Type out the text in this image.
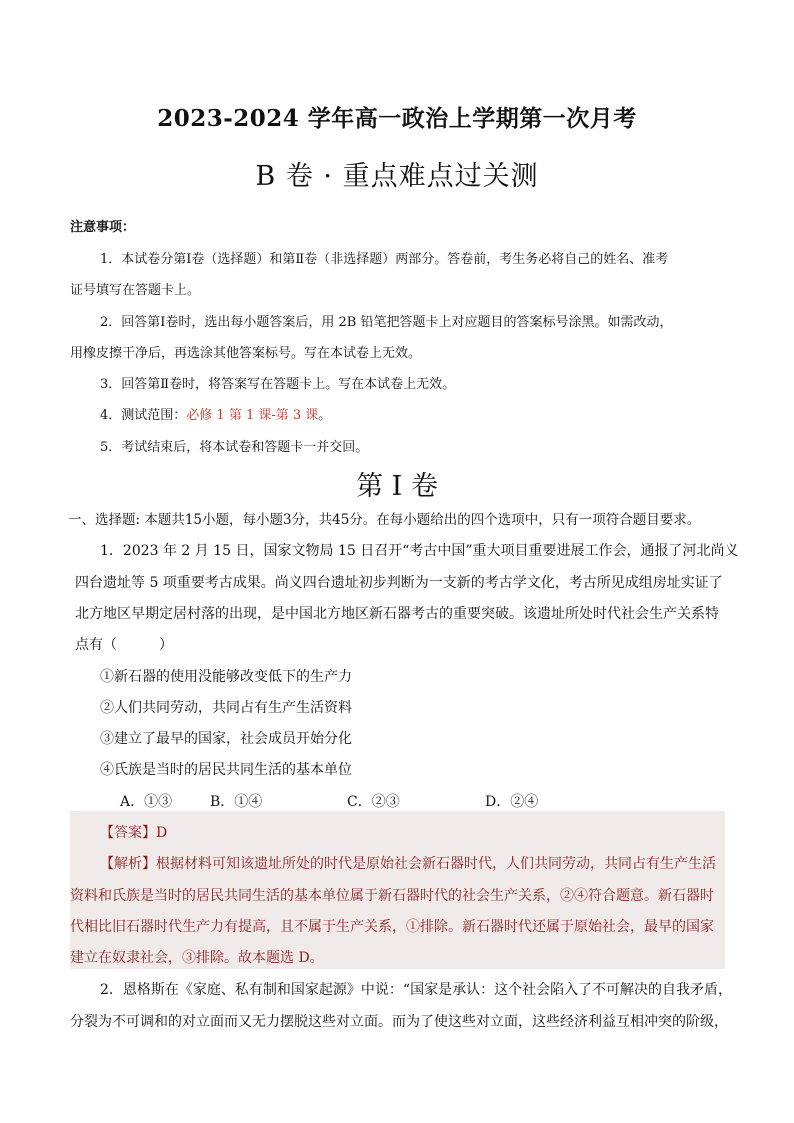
2023-2024 学年高一政治上学期第一次月考
B 卷 · 重点难点过关测
注意事项：
1．本试卷分第Ⅰ卷（选择题）和第Ⅱ卷（非选择题）两部分。答卷前，考生务必将自己的姓名、准考
证号填写在答题卡上。
2．回答第Ⅰ卷时，选出每小题答案后，用 2B 铅笔把答题卡上对应题目的答案标号涂黑。如需改动，
用橡皮擦干净后，再选涂其他答案标号。写在本试卷上无效。
3．回答第Ⅱ卷时，将答案写在答题卡上。写在本试卷上无效。
4．测试范围：必修 1 第 1 课-第 3 课。
5．考试结束后，将本试卷和答题卡一并交回。
第 I 卷
一、选择题: 本题共15小题，每小题3分，共45分。在每小题给出的四个选项中，只有一项符合题目要求。
1．2023 年 2 月 15 日，国家文物局 15 日召开“考古中国”重大项目重要进展工作会，通报了河北尚义
四台遗址等 5 项重要考古成果。尚义四台遗址初步判断为一支新的考古学文化，考古所见成组房址实证了
北方地区早期定居村落的出现，是中国北方地区新石器考古的重要突破。该遗址所处时代社会生产关系特
点有（　　　）
①新石器的使用没能够改变低下的生产力
②人们共同劳动，共同占有生产生活资料
③建立了最早的国家，社会成员开始分化
④氏族是当时的居民共同生活的基本单位
A．①③	B．①④	C．②③	D．②④
【答案】D
【解析】根据材料可知该遗址所处的时代是原始社会新石器时代，人们共同劳动，共同占有生产生活
资料和氏族是当时的居民共同生活的基本单位属于新石器时代的社会生产关系，②④符合题意。新石器时
代相比旧石器时代生产力有提高，且不属于生产关系，①排除。新石器时代还属于原始社会，最早的国家
建立在奴隶社会，③排除。故本题选 D。
2．恩格斯在《家庭、私有制和国家起源》中说：“国家是承认：这个社会陷入了不可解决的自我矛盾，
分裂为不可调和的对立面而又无力摆脱这些对立面。而为了使这些对立面，这些经济利益互相冲突的阶级，
